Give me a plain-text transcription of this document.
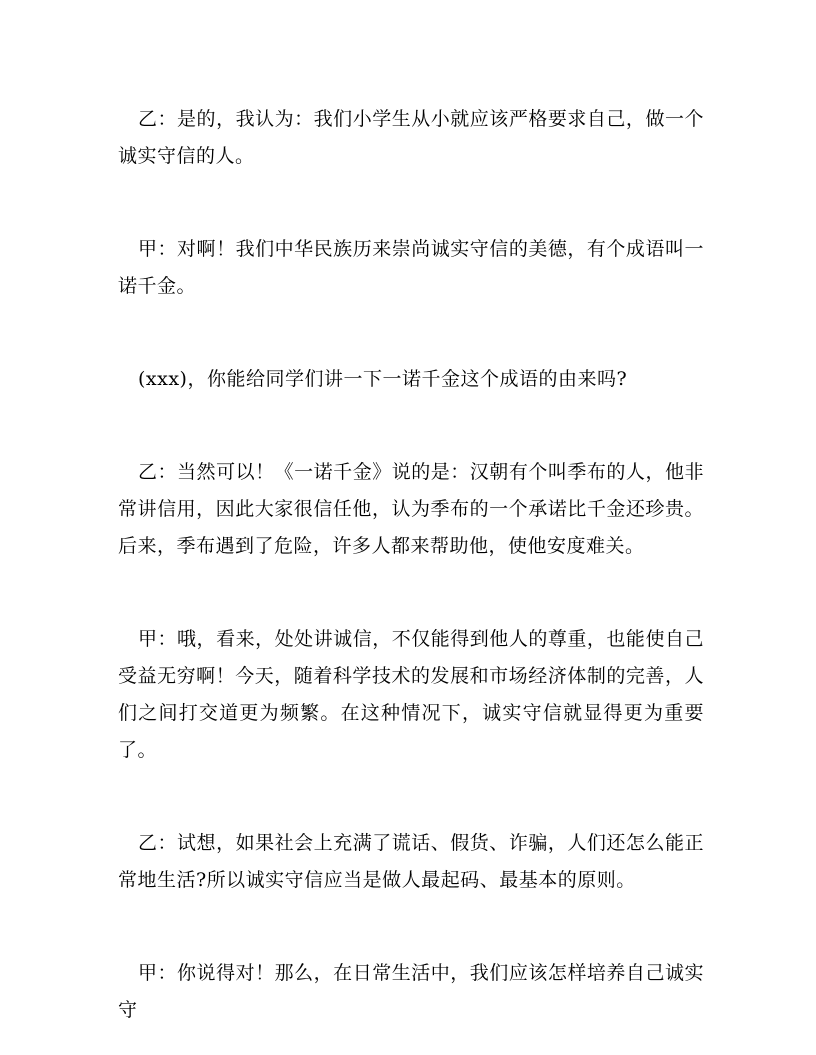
乙：是的，我认为：我们小学生从小就应该严格要求自己，做一个诚实守信的人。

甲：对啊！我们中华民族历来崇尚诚实守信的美德，有个成语叫一诺千金。

(xxx)，你能给同学们讲一下一诺千金这个成语的由来吗?

乙：当然可以！《一诺千金》说的是：汉朝有个叫季布的人，他非常讲信用，因此大家很信任他，认为季布的一个承诺比千金还珍贵。后来，季布遇到了危险，许多人都来帮助他，使他安度难关。

甲：哦，看来，处处讲诚信，不仅能得到他人的尊重，也能使自己受益无穷啊！今天，随着科学技术的发展和市场经济体制的完善，人们之间打交道更为频繁。在这种情况下，诚实守信就显得更为重要了。

乙：试想，如果社会上充满了谎话、假货、诈骗，人们还怎么能正常地生活?所以诚实守信应当是做人最起码、最基本的原则。

甲：你说得对！那么，在日常生活中，我们应该怎样培养自己诚实守
